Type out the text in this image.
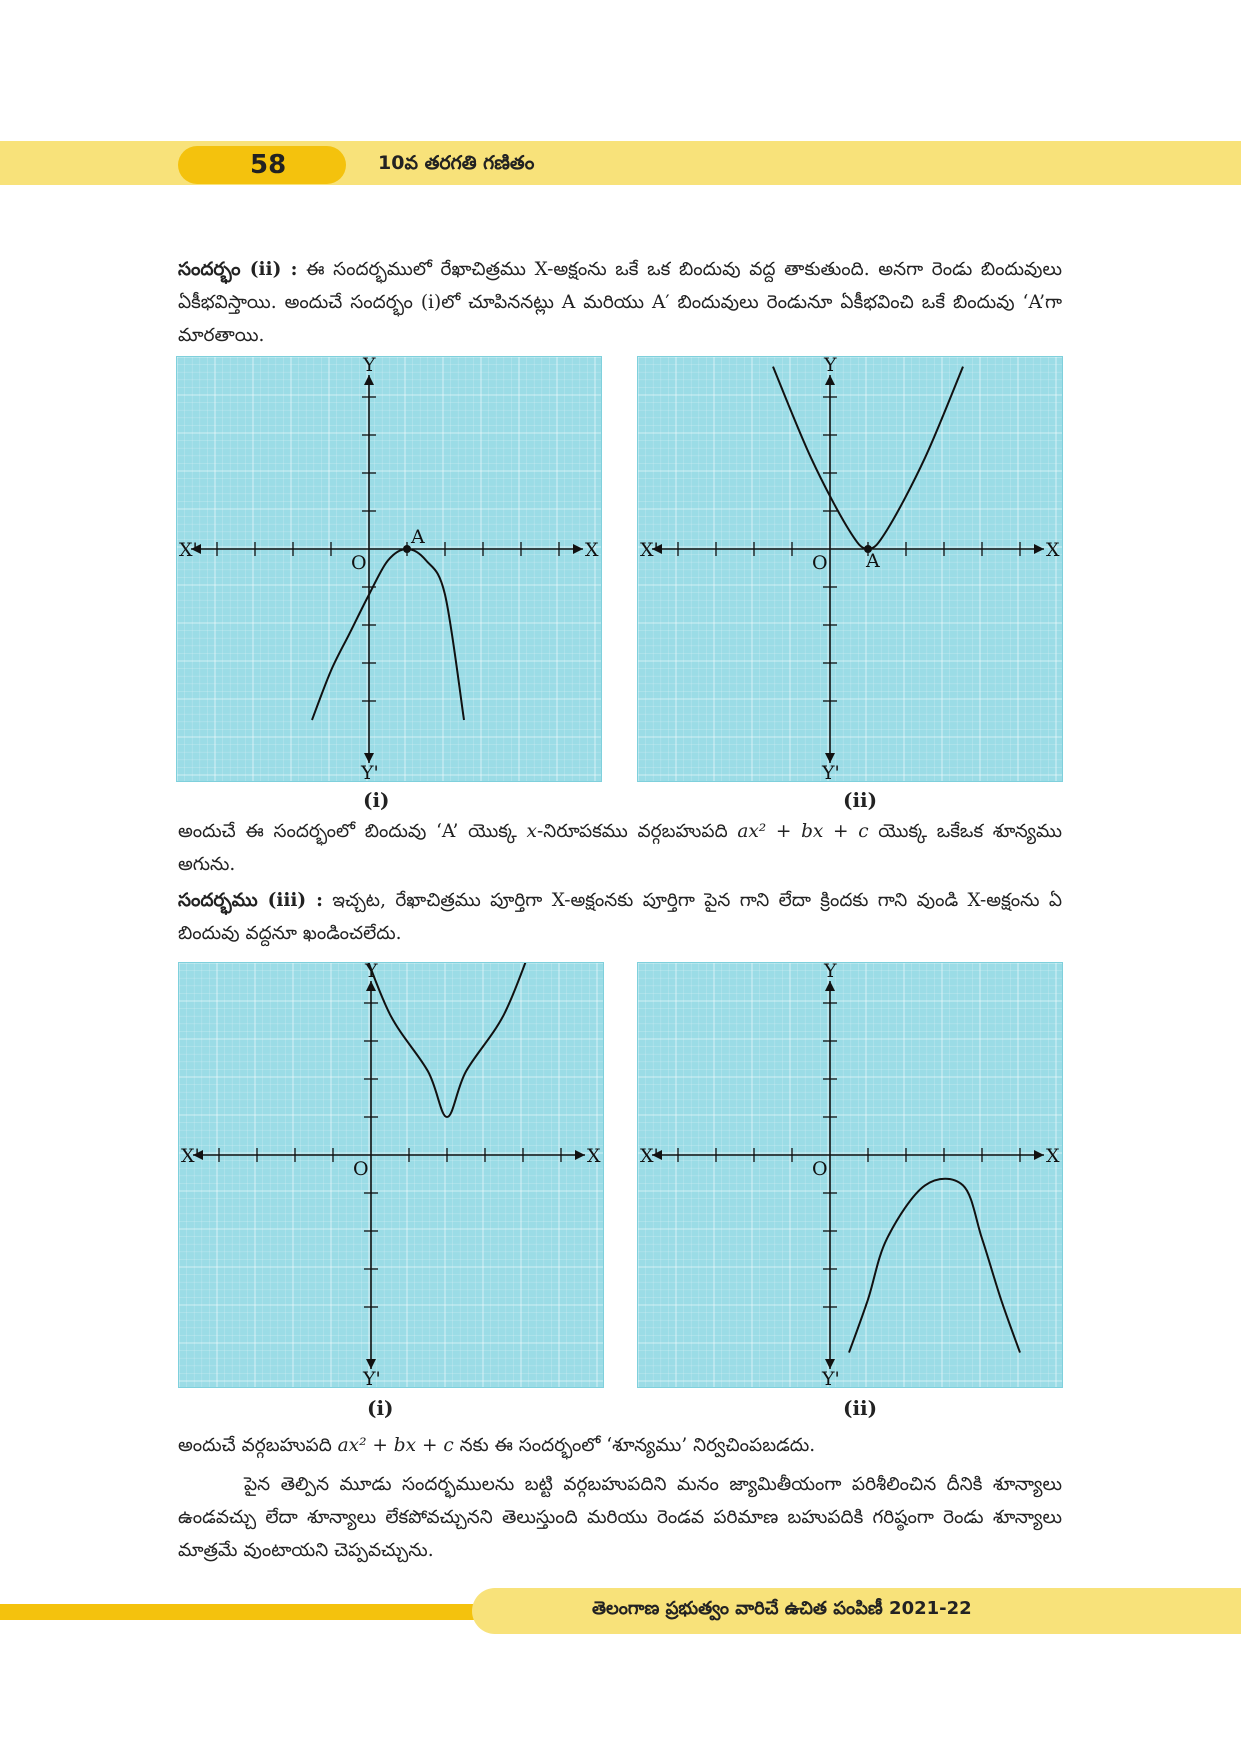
58	10వ తరగతి గణితం
సందర్భం (ii) : ఈ సందర్భములో రేఖాచిత్రము X-అక్షంను ఒకే ఒక బిందువు వద్ద తాకుతుంది. అనగా రెండు బిందువులు ఏకీభవిస్తాయి. అందుచే సందర్భం (i)లో చూపిననట్లు A మరియు A′ బిందువులు రెండునూ ఏకీభవించి ఒకే బిందువు ‘A’గా మారతాయి.
X
X'
Y
Y'
O
A
X
X'
Y
Y'
O A
(i)	(ii)
అందుచే ఈ సందర్భంలో బిందువు ‘A’ యొక్క x-నిరూపకము వర్గబహుపది ax² + bx + c యొక్క ఒకేఒక శూన్యము అగును.
సందర్భము (iii) : ఇచ్చట, రేఖాచిత్రము పూర్తిగా X-అక్షంనకు పూర్తిగా పైన గాని లేదా క్రిందకు గాని వుండి X-అక్షంను ఏ బిందువు వద్దనూ ఖండించలేదు.
X
X'
Y
Y'
O
X
X'
Y
Y'
O
(i)	(ii)
అందుచే వర్గబహుపది ax² + bx + c నకు ఈ సందర్భంలో ‘శూన్యము’ నిర్వచింపబడదు.
పైన తెల్పిన మూడు సందర్భములను బట్టి వర్గబహుపదిని మనం జ్యామితీయంగా పరిశీలించిన దీనికి శూన్యాలు ఉండవచ్చు లేదా శూన్యాలు లేకపోవచ్చునని తెలుస్తుంది మరియు రెండవ పరిమాణ బహుపదికి గరిష్ఠంగా రెండు శూన్యాలు మాత్రమే వుంటాయని చెప్పవచ్చును.
తెలంగాణ ప్రభుత్వం వారిచే ఉచిత పంపిణీ 2021-22
